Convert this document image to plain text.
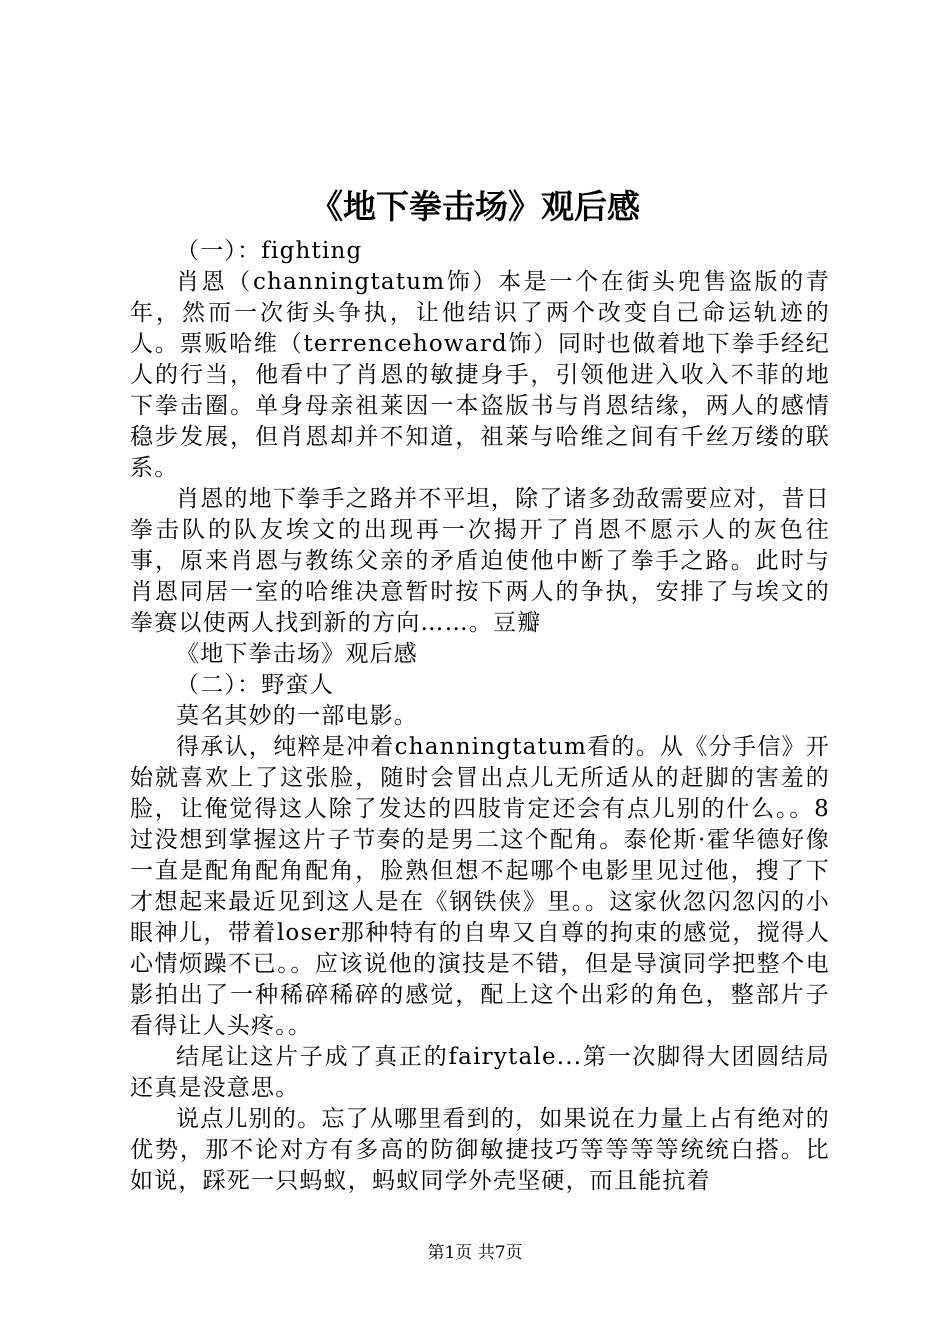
《地下拳击场》观后感

（一）：fighting

肖恩（channingtatum饰）本是一个在街头兜售盗版的青年，然而一次街头争执，让他结识了两个改变自己命运轨迹的人。票贩哈维（terrencehoward饰）同时也做着地下拳手经纪人的行当，他看中了肖恩的敏捷身手，引领他进入收入不菲的地下拳击圈。单身母亲祖莱因一本盗版书与肖恩结缘，两人的感情稳步发展，但肖恩却并不知道，祖莱与哈维之间有千丝万缕的联系。

肖恩的地下拳手之路并不平坦，除了诸多劲敌需要应对，昔日拳击队的队友埃文的出现再一次揭开了肖恩不愿示人的灰色往事，原来肖恩与教练父亲的矛盾迫使他中断了拳手之路。此时与肖恩同居一室的哈维决意暂时按下两人的争执，安排了与埃文的拳赛以使两人找到新的方向……。豆瓣

《地下拳击场》观后感

（二）：野蛮人

莫名其妙的一部电影。

得承认，纯粹是冲着channingtatum看的。从《分手信》开始就喜欢上了这张脸，随时会冒出点儿无所适从的赶脚的害羞的脸，让俺觉得这人除了发达的四肢肯定还会有点儿别的什么。。8过没想到掌握这片子节奏的是男二这个配角。泰伦斯·霍华德好像一直是配角配角配角，脸熟但想不起哪个电影里见过他，搜了下才想起来最近见到这人是在《钢铁侠》里。。这家伙忽闪忽闪的小眼神儿，带着loser那种特有的自卑又自尊的拘束的感觉，搅得人心情烦躁不已。。应该说他的演技是不错，但是导演同学把整个电影拍出了一种稀碎稀碎的感觉，配上这个出彩的角色，整部片子看得让人头疼。。

结尾让这片子成了真正的fairytale...第一次脚得大团圆结局还真是没意思。

说点儿别的。忘了从哪里看到的，如果说在力量上占有绝对的优势，那不论对方有多高的防御敏捷技巧等等等等统统白搭。比如说，踩死一只蚂蚁，蚂蚁同学外壳坚硬，而且能抗着

第1页 共7页
